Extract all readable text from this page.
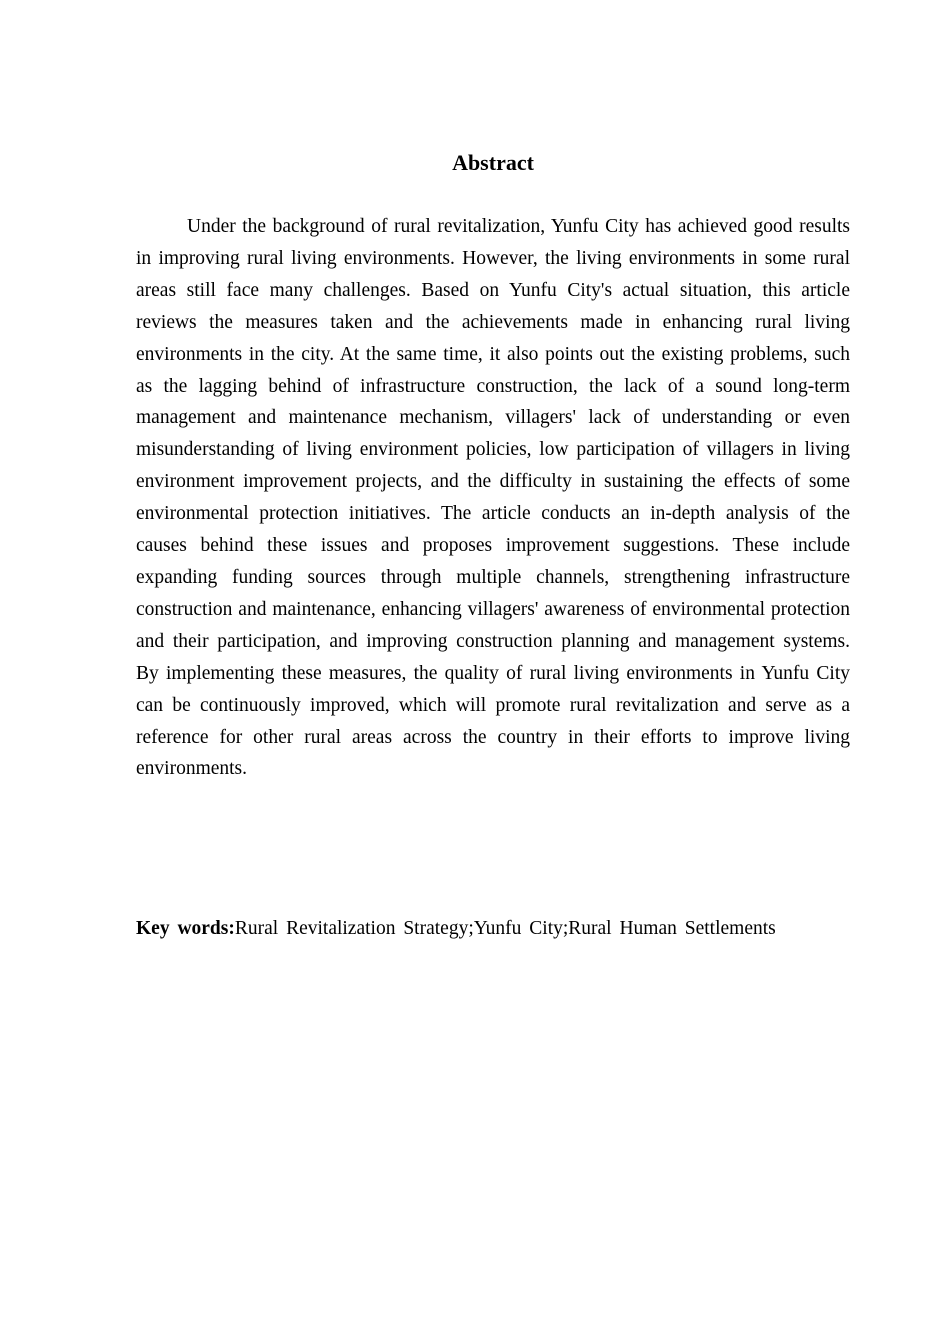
Abstract

Under the background of rural revitalization, Yunfu City has achieved good results in improving rural living environments. However, the living environments in some rural areas still face many challenges. Based on Yunfu City's actual situation, this article reviews the measures taken and the achievements made in enhancing rural living environments in the city. At the same time, it also points out the existing problems, such as the lagging behind of infrastructure construction, the lack of a sound long-term management and maintenance mechanism, villagers' lack of understanding or even misunderstanding of living environment policies, low participation of villagers in living environment improvement projects, and the difficulty in sustaining the effects of some environmental protection initiatives. The article conducts an in-depth analysis of the causes behind these issues and proposes improvement suggestions. These include expanding funding sources through multiple channels, strengthening infrastructure construction and maintenance, enhancing villagers' awareness of environmental protection and their participation, and improving construction planning and management systems. By implementing these measures, the quality of rural living environments in Yunfu City can be continuously improved, which will promote rural revitalization and serve as a reference for other rural areas across the country in their efforts to improve living environments.

Key words:Rural Revitalization Strategy;Yunfu City;Rural Human Settlements
